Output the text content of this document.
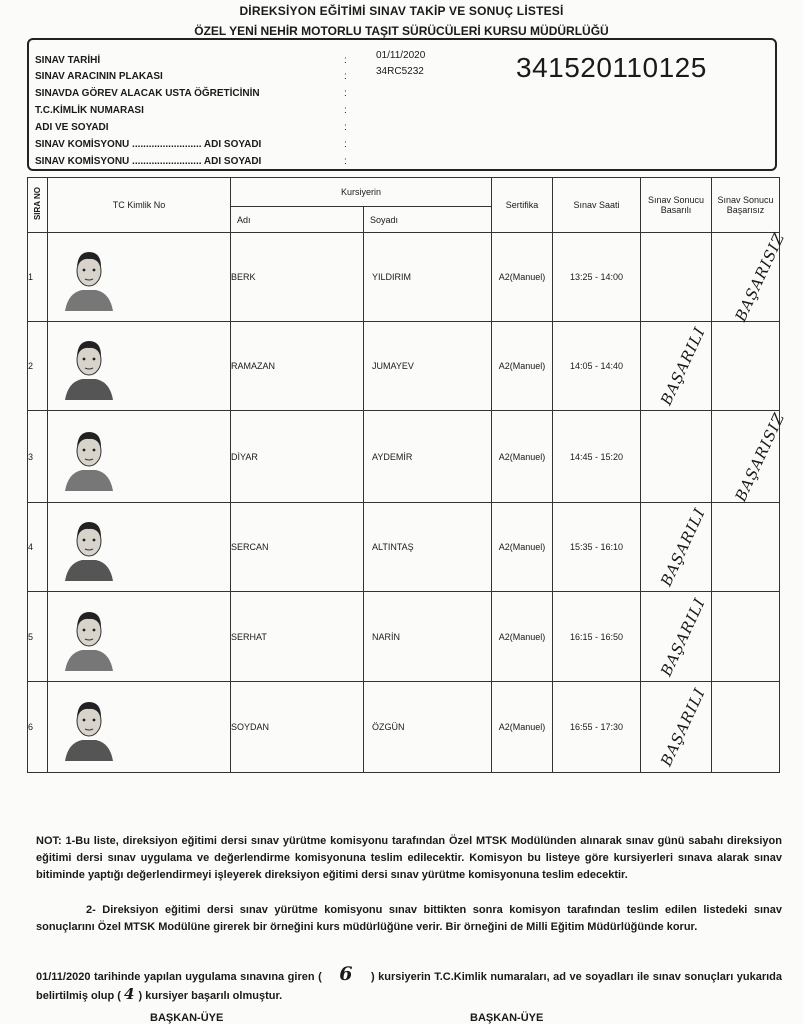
DİREKSİYON EĞİTİMİ SINAV TAKİP VE SONUÇ LİSTESİ
ÖZEL YENİ NEHİR MOTORLU TAŞIT SÜRÜCÜLERİ KURSU MÜDÜRLÜĞÜ
SINAV TARİHİ	:	01/11/2020
SINAV ARACININ PLAKASI	:	34RC5232
SINAVDA GÖREV ALACAK USTA ÖĞRETİCİNİN	:
T.C.KİMLİK NUMARASI	:
ADI VE SOYADI	:
SINAV KOMİSYONU ......................... ADI SOYADI	:
SINAV KOMİSYONU ......................... ADI SOYADI	:
341520110125
SIRA NO	TC Kimlik No	Kursiyerin		Sertifika	Sınav Saati	Sınav Sonucu Basarılı	Sınav Sonucu Başarısız
		Adı	Soyadı				
1		BERK	YILDIRIM	A2(Manuel)	13:25 - 14:00		BAŞARISIZ
2		RAMAZAN	JUMAYEV	A2(Manuel)	14:05 - 14:40	BAŞARILI	
3		DİYAR	AYDEMİR	A2(Manuel)	14:45 - 15:20		BAŞARISIZ
4		SERCAN	ALTINTAŞ	A2(Manuel)	15:35 - 16:10	BAŞARILI	
5		SERHAT	NARİN	A2(Manuel)	16:15 - 16:50	BAŞARILI	
6		SOYDAN	ÖZGÜN	A2(Manuel)	16:55 - 17:30	BAŞARILI	
NOT: 1-Bu liste, direksiyon eğitimi dersi sınav yürütme komisyonu tarafından Özel MTSK Modülünden alınarak sınav günü sabahı direksiyon eğitimi dersi sınav uygulama ve değerlendirme komisyonuna teslim edilecektir. Komisyon bu listeye göre kursiyerleri sınava alarak sınav bitiminde yaptığı değerlendirmeyi işleyerek direksiyon eğitimi dersi sınav yürütme komisyonuna teslim edecektir.
2- Direksiyon eğitimi dersi sınav yürütme komisyonu sınav bittikten sonra komisyon tarafından teslim edilen listedeki sınav sonuçlarını Özel MTSK Modülüne girerek bir örneğini kurs müdürlüğüne verir. Bir örneğini de Milli Eğitim Müdürlüğünde korur.
01/11/2020 tarihinde yapılan uygulama sınavına giren ( 6 ) kursiyerin T.C.Kimlik numaraları, ad ve soyadları ile sınav sonuçları yukarıda belirtilmiş olup ( 4 ) kursiyer başarılı olmuştur.
BAŞKAN-ÜYE	BAŞKAN-ÜYE
